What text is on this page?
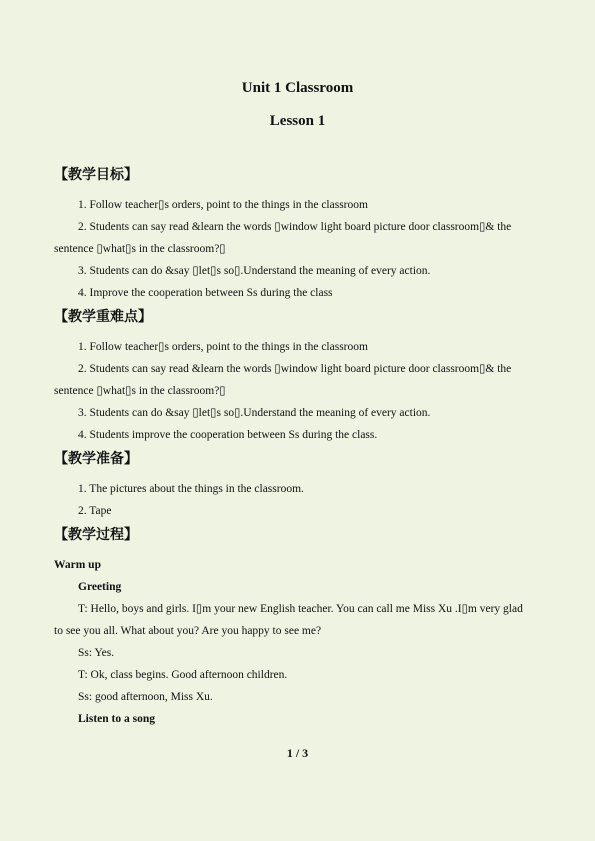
Unit 1 Classroom
Lesson 1
【教学目标】
1. Follow teacher▯s orders, point to the things in the classroom
2. Students can say read &learn the words ▯window light board picture door classroom▯& the
sentence ▯what▯s in the classroom?▯
3. Students can do &say ▯let▯s so▯.Understand the meaning of every action.
4. Improve the cooperation between Ss during the class
【教学重难点】
1. Follow teacher▯s orders, point to the things in the classroom
2. Students can say read &learn the words ▯window light board picture door classroom▯& the
sentence ▯what▯s in the classroom?▯
3. Students can do &say ▯let▯s so▯.Understand the meaning of every action.
4. Students improve the cooperation between Ss during the class.
【教学准备】
1. The pictures about the things in the classroom.
2. Tape
【教学过程】
Warm up
Greeting
T: Hello, boys and girls. I▯m your new English teacher. You can call me Miss Xu .I▯m very glad
to see you all. What about you? Are you happy to see me?
Ss: Yes.
T: Ok, class begins. Good afternoon children.
Ss: good afternoon, Miss Xu.
Listen to a song
1 / 3
